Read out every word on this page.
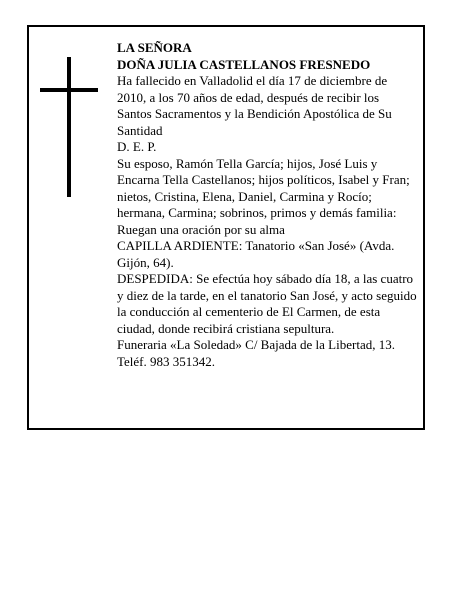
LA SEÑORA

DOÑA JULIA CASTELLANOS FRESNEDO

Ha fallecido en Valladolid el día 17 de diciembre de 2010, a los 70 años de edad, después de recibir los Santos Sacramentos y la Bendición Apostólica de Su Santidad

D. E. P.

Su esposo, Ramón Tella García; hijos, José Luis y Encarna Tella Castellanos; hijos políticos, Isabel y Fran; nietos, Cristina, Elena, Daniel, Carmina y Rocío; hermana, Carmina; sobrinos, primos y demás familia:

Ruegan una oración por su alma

CAPILLA ARDIENTE: Tanatorio «San José» (Avda. Gijón, 64).

DESPEDIDA: Se efectúa hoy sábado día 18, a las cuatro y diez de la tarde, en el tanatorio San José, y acto seguido la conducción al cementerio de El Carmen, de esta ciudad, donde recibirá cristiana sepultura.

Funeraria «La Soledad» C/ Bajada de la Libertad, 13. Teléf. 983 351342.
